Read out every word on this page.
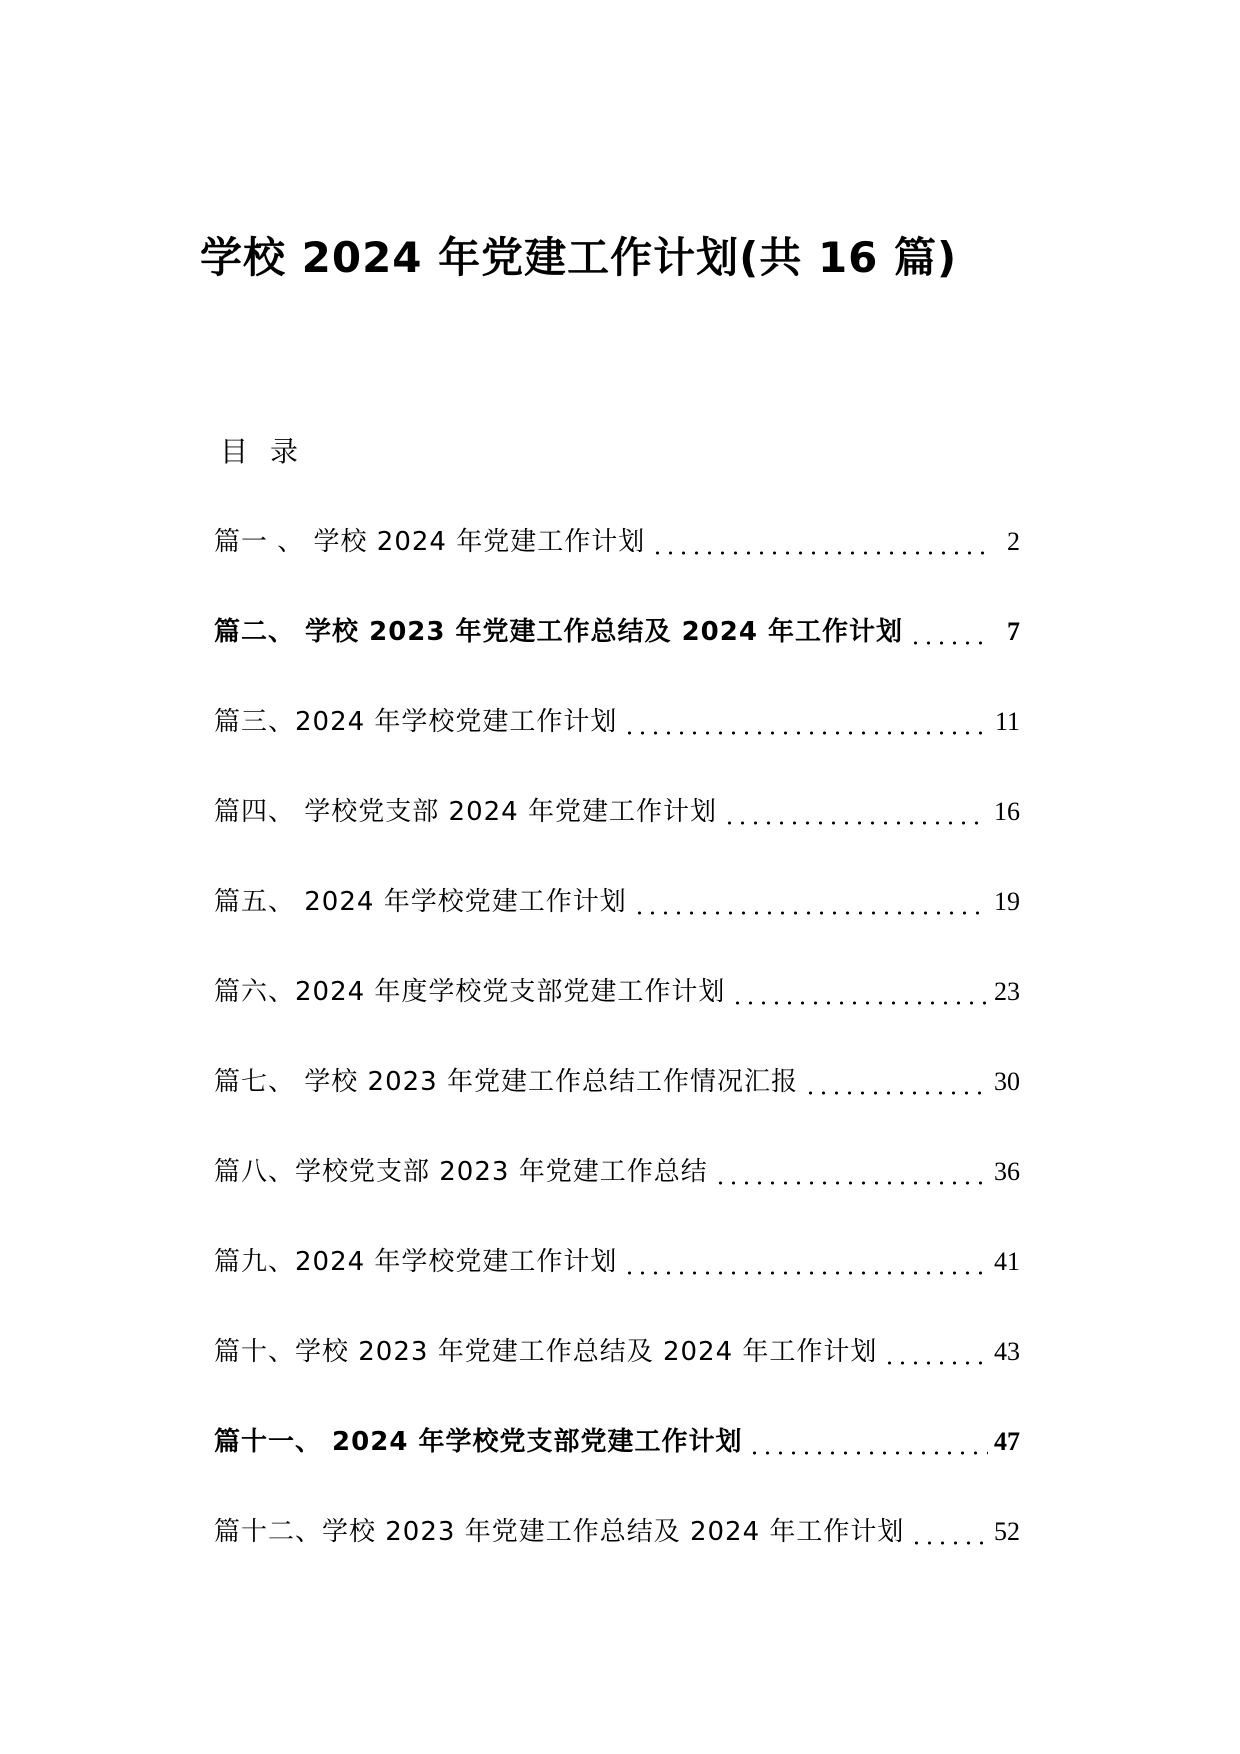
学校 2024 年党建工作计划(共 16 篇)
目录
篇一 、 学校 2024 年党建工作计划	2
篇二、 学校 2023 年党建工作总结及 2024 年工作计划	7
篇三、2024 年学校党建工作计划	11
篇四、 学校党支部 2024 年党建工作计划	16
篇五、 2024 年学校党建工作计划	19
篇六、2024 年度学校党支部党建工作计划	23
篇七、 学校 2023 年党建工作总结工作情况汇报	30
篇八、学校党支部 2023 年党建工作总结	36
篇九、2024 年学校党建工作计划	41
篇十、学校 2023 年党建工作总结及 2024 年工作计划	43
篇十一、 2024 年学校党支部党建工作计划	47
篇十二、学校 2023 年党建工作总结及 2024 年工作计划	52
